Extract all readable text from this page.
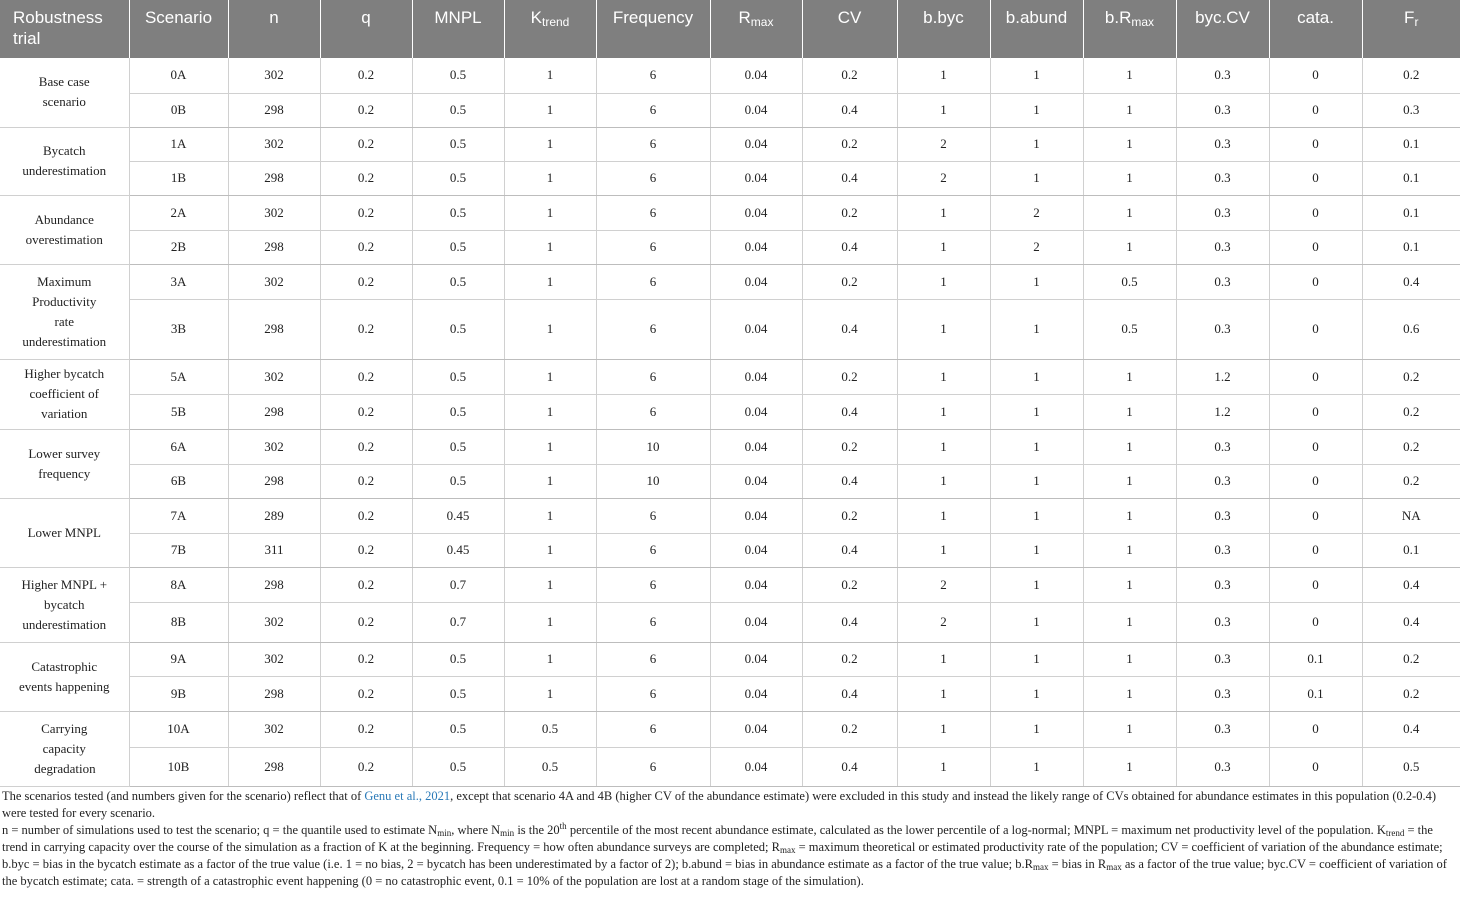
Robustness trial	Scenario	n	q	MNPL	$K_{trend}$	Frequency	$R_{max}$	CV	b.byc	b.abund	$b.R_{max}$	byc.CV	cata.	$F_r$
Base case scenario	0A	302	0.2	0.5	1	6	0.04	0.2	1	1	1	0.3	0	0.2
	0B	298	0.2	0.5	1	6	0.04	0.4	1	1	1	0.3	0	0.3
Bycatch underestimation	1A	302	0.2	0.5	1	6	0.04	0.2	2	1	1	0.3	0	0.1
	1B	298	0.2	0.5	1	6	0.04	0.4	2	1	1	0.3	0	0.1
Abundance overestimation	2A	302	0.2	0.5	1	6	0.04	0.2	1	2	1	0.3	0	0.1
	2B	298	0.2	0.5	1	6	0.04	0.4	1	2	1	0.3	0	0.1
Maximum Productivity rate underestimation	3A	302	0.2	0.5	1	6	0.04	0.2	1	1	0.5	0.3	0	0.4
	3B	298	0.2	0.5	1	6	0.04	0.4	1	1	0.5	0.3	0	0.6
Higher bycatch coefficient of variation	5A	302	0.2	0.5	1	6	0.04	0.2	1	1	1	1.2	0	0.2
	5B	298	0.2	0.5	1	6	0.04	0.4	1	1	1	1.2	0	0.2
Lower survey frequency	6A	302	0.2	0.5	1	10	0.04	0.2	1	1	1	0.3	0	0.2
	6B	298	0.2	0.5	1	10	0.04	0.4	1	1	1	0.3	0	0.2
Lower MNPL	7A	289	0.2	0.45	1	6	0.04	0.2	1	1	1	0.3	0	NA
	7B	311	0.2	0.45	1	6	0.04	0.4	1	1	1	0.3	0	0.1
Higher MNPL + bycatch underestimation	8A	298	0.2	0.7	1	6	0.04	0.2	2	1	1	0.3	0	0.4
	8B	302	0.2	0.7	1	6	0.04	0.4	2	1	1	0.3	0	0.4
Catastrophic events happening	9A	302	0.2	0.5	1	6	0.04	0.2	1	1	1	0.3	0.1	0.2
	9B	298	0.2	0.5	1	6	0.04	0.4	1	1	1	0.3	0.1	0.2
Carrying capacity degradation	10A	302	0.2	0.5	0.5	6	0.04	0.2	1	1	1	0.3	0	0.4
	10B	298	0.2	0.5	0.5	6	0.04	0.4	1	1	1	0.3	0	0.5

The scenarios tested (and numbers given for the scenario) reflect that of Genu et al., 2021, except that scenario 4A and 4B (higher CV of the abundance estimate) were excluded in this study and instead the likely range of CVs obtained for abundance estimates in this population (0.2-0.4) were tested for every scenario.

n = number of simulations used to test the scenario; q = the quantile used to estimate $N_{min}$, where $N_{min}$ is the 20th percentile of the most recent abundance estimate, calculated as the lower percentile of a log-normal; MNPL = maximum net productivity level of the population. $K_{trend}$ = the trend in carrying capacity over the course of the simulation as a fraction of K at the beginning. Frequency = how often abundance surveys are completed; $R_{max}$ = maximum theoretical or estimated productivity rate of the population; CV = coefficient of variation of the abundance estimate; b.byc = bias in the bycatch estimate as a factor of the true value (i.e. 1 = no bias, 2 = bycatch has been underestimated by a factor of 2); b.abund = bias in abundance estimate as a factor of the true value; $b.R_{max}$ = bias in $R_{max}$ as a factor of the true value; byc.CV = coefficient of variation of the bycatch estimate; cata. = strength of a catastrophic event happening (0 = no catastrophic event, 0.1 = 10% of the population are lost at a random stage of the simulation).
